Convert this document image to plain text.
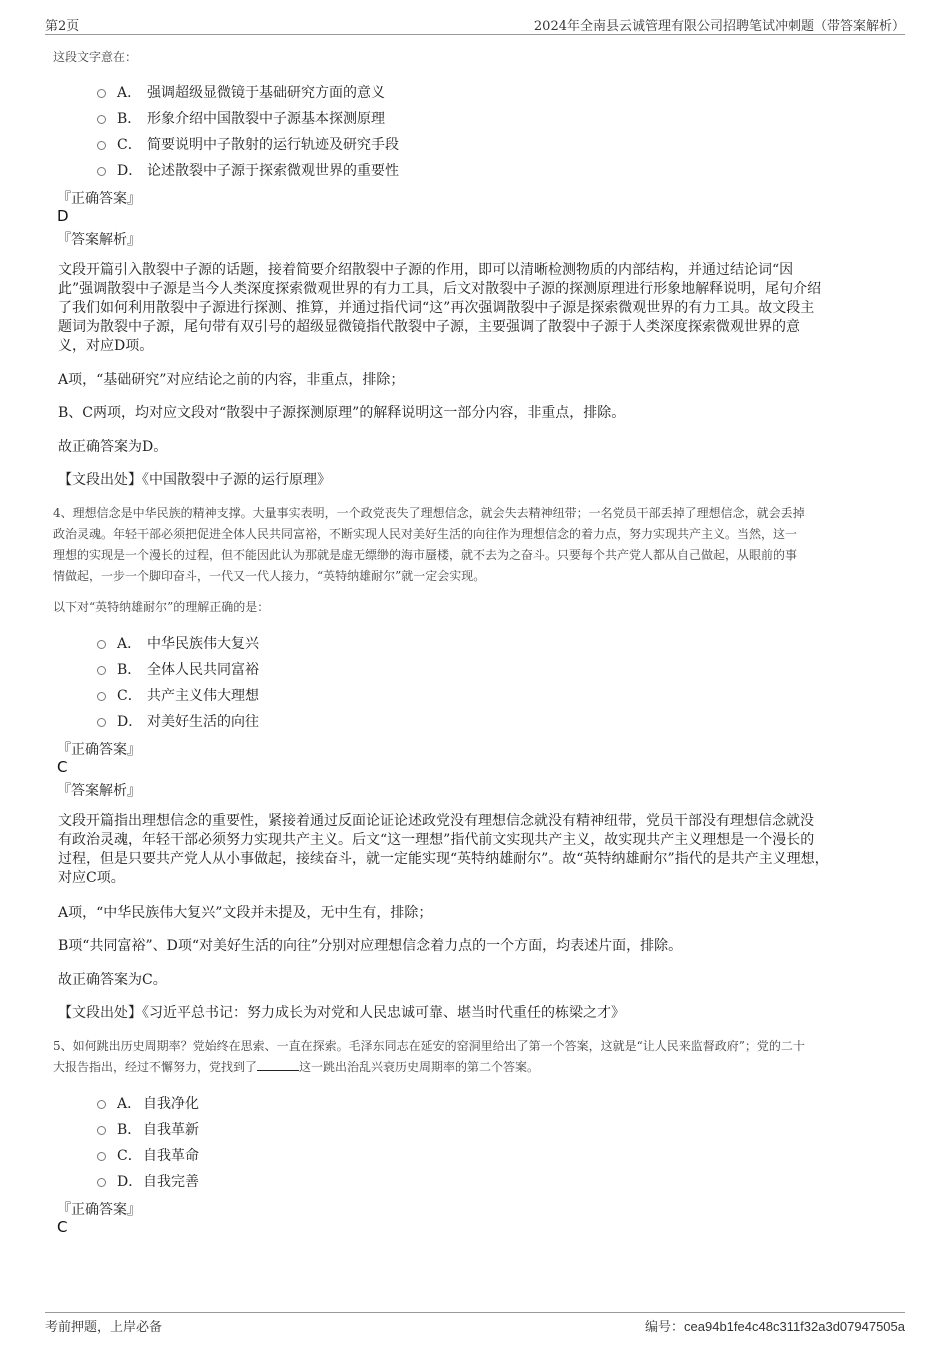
第2页	2024年全南县云诚管理有限公司招聘笔试冲刺题（带答案解析）
这段文字意在：
A． 强调超级显微镜于基础研究方面的意义
B． 形象介绍中国散裂中子源基本探测原理
C． 简要说明中子散射的运行轨迹及研究手段
D． 论述散裂中子源于探索微观世界的重要性
『正确答案』
D
『答案解析』
文段开篇引入散裂中子源的话题，接着简要介绍散裂中子源的作用，即可以清晰检测物质的内部结构，并通过结论词“因
此”强调散裂中子源是当今人类深度探索微观世界的有力工具，后文对散裂中子源的探测原理进行形象地解释说明，尾句介绍
了我们如何利用散裂中子源进行探测、推算，并通过指代词“这”再次强调散裂中子源是探索微观世界的有力工具。故文段主
题词为散裂中子源，尾句带有双引号的超级显微镜指代散裂中子源，主要强调了散裂中子源于人类深度探索微观世界的意
义，对应D项。
A项，“基础研究”对应结论之前的内容，非重点，排除；
B、C两项，均对应文段对“散裂中子源探测原理”的解释说明这一部分内容，非重点，排除。
故正确答案为D。
【文段出处】《中国散裂中子源的运行原理》
4、理想信念是中华民族的精神支撑。大量事实表明，一个政党丧失了理想信念，就会失去精神纽带；一名党员干部丢掉了理想信念，就会丢掉
政治灵魂。年轻干部必须把促进全体人民共同富裕，不断实现人民对美好生活的向往作为理想信念的着力点，努力实现共产主义。当然，这一
理想的实现是一个漫长的过程，但不能因此认为那就是虚无缥缈的海市蜃楼，就不去为之奋斗。只要每个共产党人都从自己做起，从眼前的事
情做起，一步一个脚印奋斗，一代又一代人接力，“英特纳雄耐尔”就一定会实现。
以下对“英特纳雄耐尔”的理解正确的是：
A． 中华民族伟大复兴
B． 全体人民共同富裕
C． 共产主义伟大理想
D． 对美好生活的向往
『正确答案』
C
『答案解析』
文段开篇指出理想信念的重要性，紧接着通过反面论证论述政党没有理想信念就没有精神纽带，党员干部没有理想信念就没
有政治灵魂，年轻干部必须努力实现共产主义。后文“这一理想”指代前文实现共产主义，故实现共产主义理想是一个漫长的
过程，但是只要共产党人从小事做起，接续奋斗，就一定能实现“英特纳雄耐尔”。故“英特纳雄耐尔”指代的是共产主义理想，
对应C项。
A项，“中华民族伟大复兴”文段并未提及，无中生有，排除；
B项“共同富裕”、D项“对美好生活的向往”分别对应理想信念着力点的一个方面，均表述片面，排除。
故正确答案为C。
【文段出处】《习近平总书记：努力成长为对党和人民忠诚可靠、堪当时代重任的栋梁之才》
5、如何跳出历史周期率？党始终在思索、一直在探索。毛泽东同志在延安的窑洞里给出了第一个答案，这就是“让人民来监督政府”；党的二十
大报告指出，经过不懈努力，党找到了	这一跳出治乱兴衰历史周期率的第二个答案。
A． 自我净化
B． 自我革新
C．自我革命
D．自我完善
『正确答案』
C
考前押题，上岸必备	编号：cea94b1fe4c48c311f32a3d07947505a
